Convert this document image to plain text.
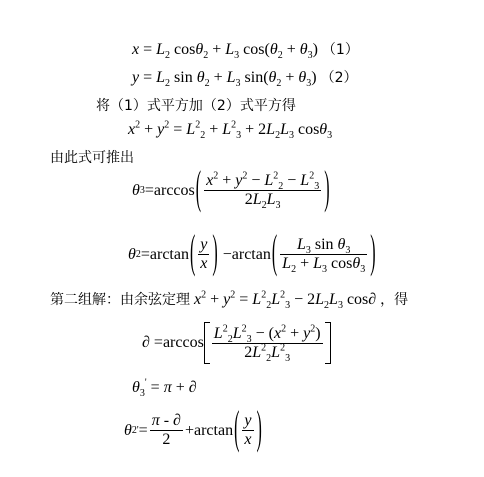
$x = L_2$ $\cos\theta_2 + L_3$ $\cos(\theta_2 + \theta_3)$ （1）
$y = L_2$ $\sin \theta_2 + L_3$ $\sin(\theta_2 + \theta_3)$ （2）
将（1）式平方加（2）式平方得
$x^2 + y^2 = L^2_2 + L^2_3 + 2L_2L_3$ cosθ$_3$
由此式可推出
θ 3 = arccos ( $\frac{x^2 + y^2 - L^2_2 - L^2_3}{2L_2L_3}$ )
θ 2 = arctan ( $\frac{y}{x}$ ) − arctan ( $\frac{L_3 \sin \theta_3}{L_2 + L_3 \cos\theta_3}$ )
第二组解：由余弦定理 $x^2 + y^2 = L^2_2L^2_3 - 2L_2L_3$ cos∂ ，得
∂ = $\arccos \frac{L^2_2L^2_3 - (x^2 + y^2)}{2L^2_2L^2_3}$
$\theta_3' = \pi$ + ∂
θ 2 ' = $\frac{\pi - \partial}{2} + \arctan$ ( $\frac{y}{x}$ )
